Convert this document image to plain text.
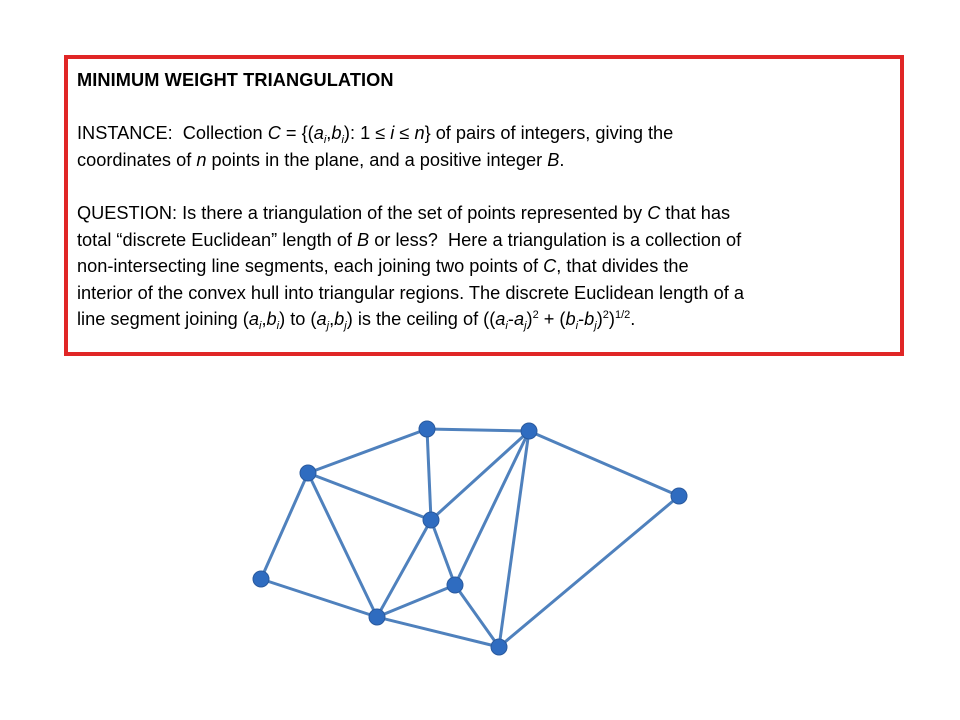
MINIMUM WEIGHT TRIANGULATION

INSTANCE:  Collection $C = \{(a_i,b_i)$: 1 ≤ i ≤ n} of pairs of integers, giving the
coordinates of n points in the plane, and a positive integer B.

QUESTION: Is there a triangulation of the set of points represented by C that has
total “discrete Euclidean” length of B or less?  Here a triangulation is a collection of
non-intersecting line segments, each joining two points of C, that divides the
interior of the convex hull into triangular regions. The discrete Euclidean length of a
line segment joining $(a_i,b_i)$ to $(a_j,b_j)$ is the ceiling of $((a_i-a_j)^2 + (b_i-b_j)^2)^{1/2}$.
